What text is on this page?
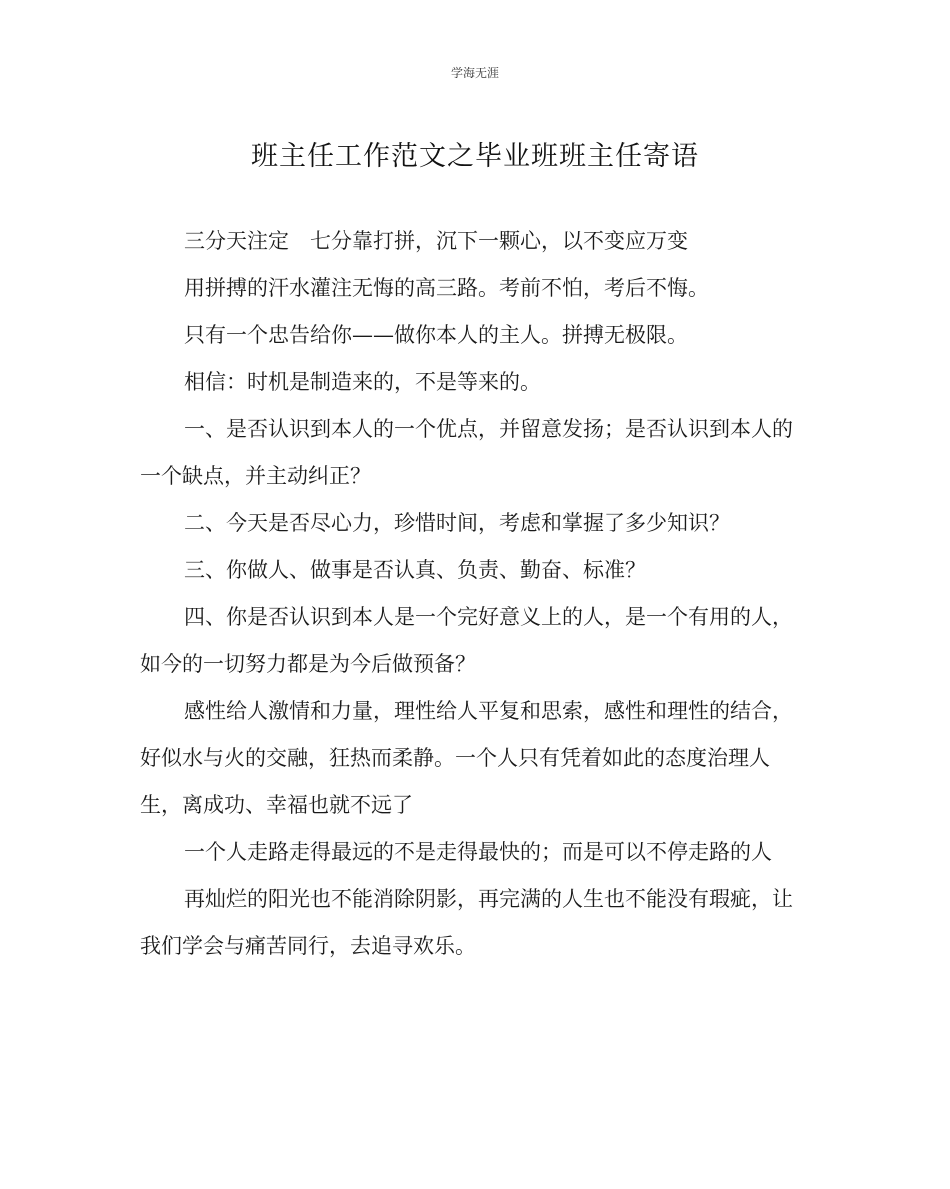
学海无涯
班主任工作范文之毕业班班主任寄语

三分天注定　七分靠打拼，沉下一颗心，以不变应万变

用拼搏的汗水灌注无悔的高三路。考前不怕，考后不悔。

只有一个忠告给你——做你本人的主人。拼搏无极限。

相信：时机是制造来的，不是等来的。

一、是否认识到本人的一个优点，并留意发扬；是否认识到本人的一个缺点，并主动纠正？

二、今天是否尽心力，珍惜时间，考虑和掌握了多少知识？

三、你做人、做事是否认真、负责、勤奋、标准？

四、你是否认识到本人是一个完好意义上的人，是一个有用的人，如今的一切努力都是为今后做预备？

感性给人激情和力量，理性给人平复和思索，感性和理性的结合，好似水与火的交融，狂热而柔静。一个人只有凭着如此的态度治理人生，离成功、幸福也就不远了

一个人走路走得最远的不是走得最快的；而是可以不停走路的人

再灿烂的阳光也不能消除阴影，再完满的人生也不能没有瑕疵，让我们学会与痛苦同行，去追寻欢乐。
